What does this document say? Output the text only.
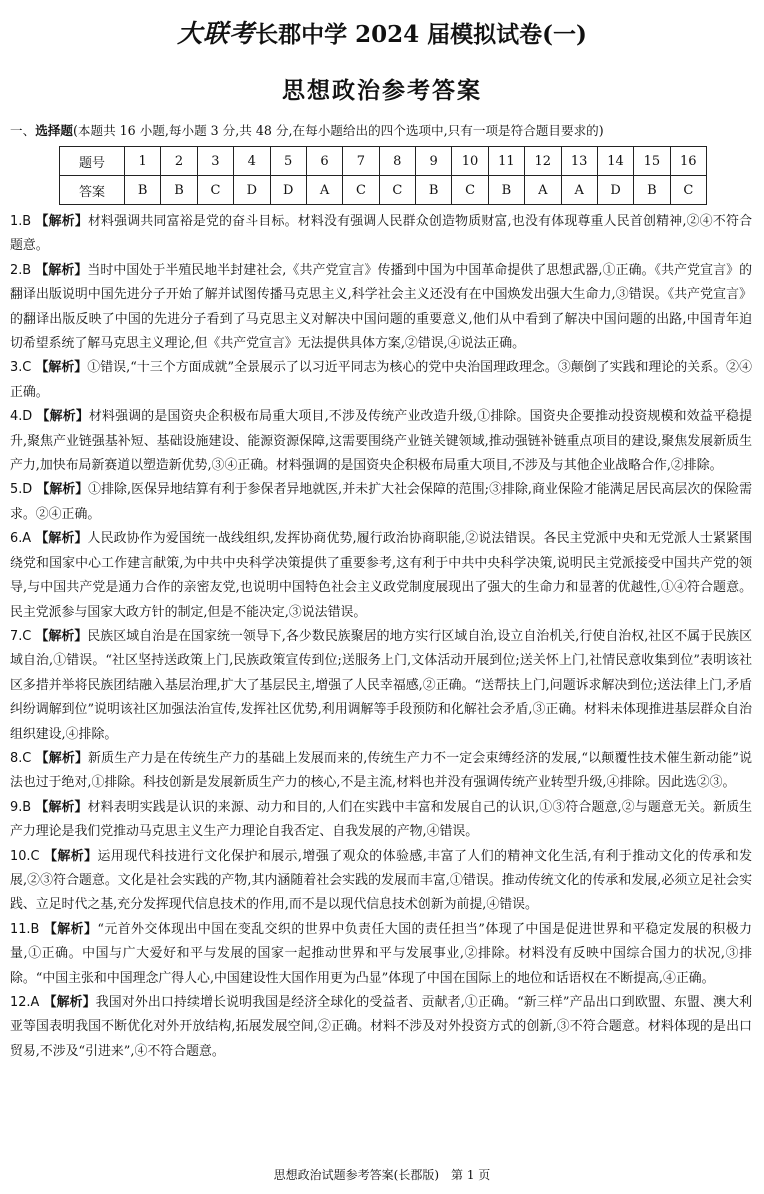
大联考长郡中学 2024 届模拟试卷(一)
思想政治参考答案
一、选择题(本题共 16 小题,每小题 3 分,共 48 分,在每小题给出的四个选项中,只有一项是符合题目要求的)
题号	1	2	3	4	5	6	7	8	9	10	11	12	13	14	15	16
答案	B	B	C	D	D	A	C	C	B	C	B	A	A	D	B	C

1.B 【解析】材料强调共同富裕是党的奋斗目标。材料没有强调人民群众创造物质财富,也没有体现尊重人民首创精神,②④不符合题意。

2.B 【解析】当时中国处于半殖民地半封建社会,《共产党宣言》传播到中国为中国革命提供了思想武器,①正确。《共产党宣言》的翻译出版说明中国先进分子开始了解并试图传播马克思主义,科学社会主义还没有在中国焕发出强大生命力,③错误。《共产党宣言》的翻译出版反映了中国的先进分子看到了马克思主义对解决中国问题的重要意义,他们从中看到了解决中国问题的出路,中国青年迫切希望系统了解马克思主义理论,但《共产党宣言》无法提供具体方案,②错误,④说法正确。

3.C 【解析】①错误,“十三个方面成就”全景展示了以习近平同志为核心的党中央治国理政理念。③颠倒了实践和理论的关系。②④正确。

4.D 【解析】材料强调的是国资央企积极布局重大项目,不涉及传统产业改造升级,①排除。国资央企要推动投资规模和效益平稳提升,聚焦产业链强基补短、基础设施建设、能源资源保障,这需要围绕产业链关键领域,推动强链补链重点项目的建设,聚焦发展新质生产力,加快布局新赛道以塑造新优势,③④正确。材料强调的是国资央企积极布局重大项目,不涉及与其他企业战略合作,②排除。

5.D 【解析】①排除,医保异地结算有利于参保者异地就医,并未扩大社会保障的范围;③排除,商业保险才能满足居民高层次的保险需求。②④正确。

6.A 【解析】人民政协作为爱国统一战线组织,发挥协商优势,履行政治协商职能,②说法错误。各民主党派中央和无党派人士紧紧围绕党和国家中心工作建言献策,为中共中央科学决策提供了重要参考,这有利于中共中央科学决策,说明民主党派接受中国共产党的领导,与中国共产党是通力合作的亲密友党,也说明中国特色社会主义政党制度展现出了强大的生命力和显著的优越性,①④符合题意。民主党派参与国家大政方针的制定,但是不能决定,③说法错误。

7.C 【解析】民族区域自治是在国家统一领导下,各少数民族聚居的地方实行区域自治,设立自治机关,行使自治权,社区不属于民族区域自治,①错误。“社区坚持送政策上门,民族政策宣传到位;送服务上门,文体活动开展到位;送关怀上门,社情民意收集到位”表明该社区多措并举将民族团结融入基层治理,扩大了基层民主,增强了人民幸福感,②正确。“送帮扶上门,问题诉求解决到位;送法律上门,矛盾纠纷调解到位”说明该社区加强法治宣传,发挥社区优势,利用调解等手段预防和化解社会矛盾,③正确。材料未体现推进基层群众自治组织建设,④排除。

8.C 【解析】新质生产力是在传统生产力的基础上发展而来的,传统生产力不一定会束缚经济的发展,“以颠覆性技术催生新动能”说法也过于绝对,①排除。科技创新是发展新质生产力的核心,不是主流,材料也并没有强调传统产业转型升级,④排除。因此选②③。

9.B 【解析】材料表明实践是认识的来源、动力和目的,人们在实践中丰富和发展自己的认识,①③符合题意,②与题意无关。新质生产力理论是我们党推动马克思主义生产力理论自我否定、自我发展的产物,④错误。

10.C 【解析】运用现代科技进行文化保护和展示,增强了观众的体验感,丰富了人们的精神文化生活,有利于推动文化的传承和发展,②③符合题意。文化是社会实践的产物,其内涵随着社会实践的发展而丰富,①错误。推动传统文化的传承和发展,必须立足社会实践、立足时代之基,充分发挥现代信息技术的作用,而不是以现代信息技术创新为前提,④错误。

11.B 【解析】“元首外交体现出中国在变乱交织的世界中负责任大国的责任担当”体现了中国是促进世界和平稳定发展的积极力量,①正确。中国与广大爱好和平与发展的国家一起推动世界和平与发展事业,②排除。材料没有反映中国综合国力的状况,③排除。“中国主张和中国理念广得人心,中国建设性大国作用更为凸显”体现了中国在国际上的地位和话语权在不断提高,④正确。

12.A 【解析】我国对外出口持续增长说明我国是经济全球化的受益者、贡献者,①正确。“新三样”产品出口到欧盟、东盟、澳大利亚等国表明我国不断优化对外开放结构,拓展发展空间,②正确。材料不涉及对外投资方式的创新,③不符合题意。材料体现的是出口贸易,不涉及“引进来”,④不符合题意。

思想政治试题参考答案(长郡版)　第 1 页
